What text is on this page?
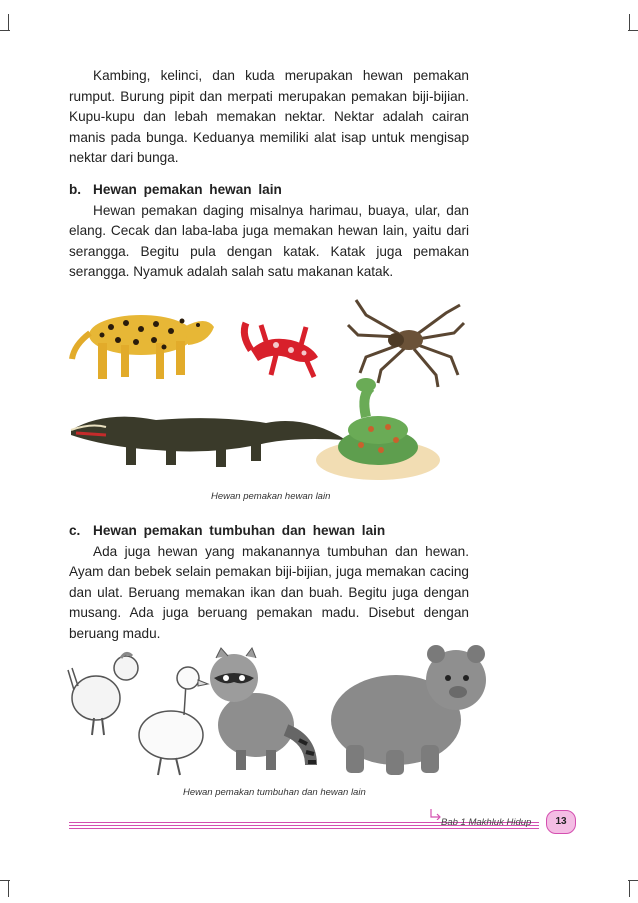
Kambing, kelinci, dan kuda merupakan hewan pemakan rumput. Burung pipit dan merpati merupakan pemakan biji-bijian. Kupu-kupu dan lebah memakan nektar. Nektar adalah cairan manis pada bunga. Keduanya memiliki alat isap untuk mengisap nektar dari bunga.

b. Hewan pemakan hewan lain

Hewan pemakan daging misalnya harimau, buaya, ular, dan elang. Cecak dan laba-laba juga memakan hewan lain, yaitu dari serangga. Begitu pula dengan katak. Katak juga pemakan serangga. Nyamuk adalah salah satu makanan katak.

Hewan pemakan hewan lain
c. Hewan pemakan tumbuhan dan hewan lain

Ada juga hewan yang makanannya tumbuhan dan hewan. Ayam dan bebek selain pemakan biji-bijian, juga memakan cacing dan ulat. Beruang memakan ikan dan buah. Begitu juga dengan musang. Ada juga beruang pemakan madu. Disebut dengan beruang madu.

Hewan pemakan tumbuhan dan hewan lain
Bab 1 Makhluk Hidup	13
